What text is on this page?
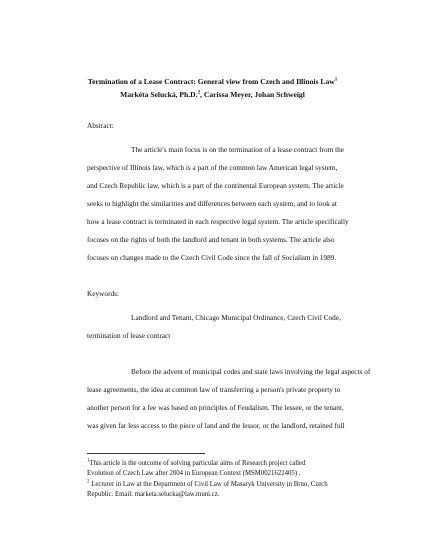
Termination of a Lease Contract: General view from Czech and Illinois Law$^1$

Markéta Selucká, Ph.D.$^2$, Carissa Meyer, Johan Schweigl

Abstract:

The article's main focus is on the termination of a lease contract from the

perspective of Illinois law, which is a part of the common law American legal system,

and Czech Republic law, which is a part of the continental European system. The article

seeks to highlight the similarities and differences between each system, and to look at

how a lease contract is terminated in each respective legal system. The article specifically

focuses on the rights of both the landlord and tenant in both systems. The article also

focuses on changes made to the Czech Civil Code since the fall of Socialism in 1989.

Keywords:

Landlord and Tenant, Chicago Municipal Ordinance, Czech Civil Code,

termination of lease contract

Before the advent of municipal codes and state laws involving the legal aspects of

lease agreements, the idea at common law of transferring a person's private property to

another person for a fee was based on principles of Feudalism. The lessee, or the tenant,

was given far less access to the piece of land and the lessor, or the landlord, retained full

$^1$This article is the outcome of solving particular aims of Research project called

Evolution of Czech Law after 2004 in European Context (MSM0021622405) .

$^2$ Lecturer in Law at the Department of Civil Law of Masaryk University in Brno, Czech

Republic. Email: marketa.selucka@law.muni.cz.
